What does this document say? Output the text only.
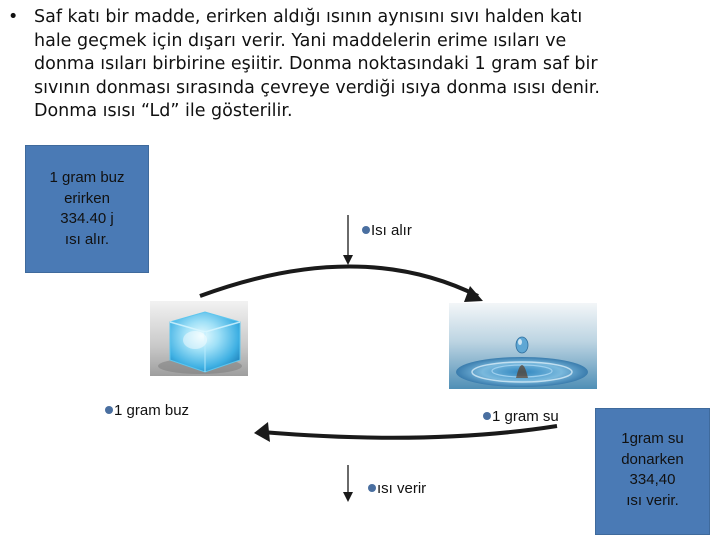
• Saf katı bir madde, erirken aldığı ısının aynısını sıvı halden katı
hale geçmek için dışarı verir. Yani maddelerin erime ısıları ve
donma ısıları birbirine eşiitir. Donma noktasındaki 1 gram saf bir
sıvının donması sırasında çevreye verdiği ısıya donma ısısı denir.
Donma ısısı “Ld” ile gösterilir.
1 gram buz
erirken
334.40 j
ısı alır.
1gram su
donarken
334,40
ısı verir.
Isı alır
1 gram buz	1 gram su
ısı verir
